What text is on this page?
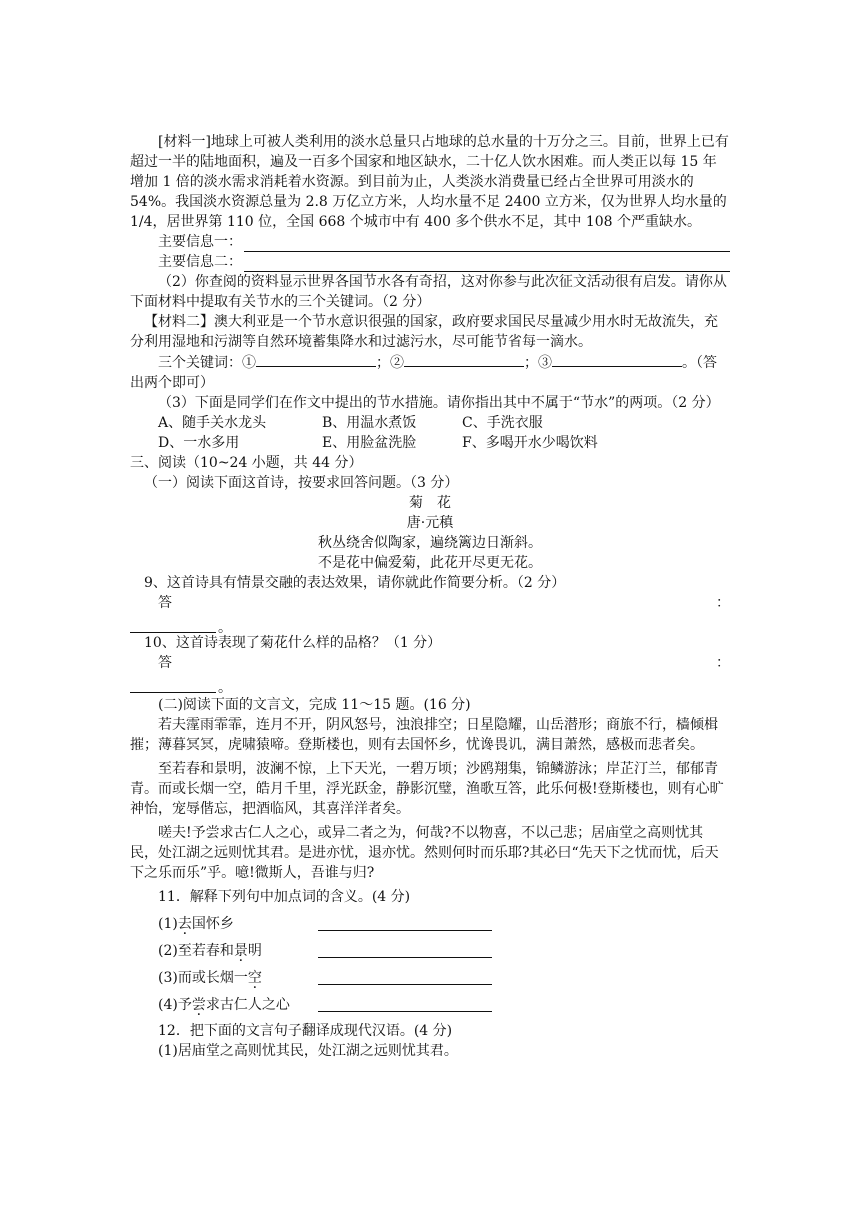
[材料一]地球上可被人类利用的淡水总量只占地球的总水量的十万分之三。目前，世界上已有超过一半的陆地面积，遍及一百多个国家和地区缺水，二十亿人饮水困难。而人类正以每 15 年增加 1 倍的淡水需求消耗着水资源。到目前为止，人类淡水消费量已经占全世界可用淡水的 54%。我国淡水资源总量为 2.8 万亿立方米，人均水量不足 2400 立方米，仅为世界人均水量的 1/4，居世界第 110 位，全国 668 个城市中有 400 多个供水不足，其中 108 个严重缺水。

主要信息一：
主要信息二：

（2）你查阅的资料显示世界各国节水各有奇招，这对你参与此次征文活动很有启发。请你从下面材料中提取有关节水的三个关键词。（2 分）

【材料二】澳大利亚是一个节水意识很强的国家，政府要求国民尽量减少用水时无故流失，充分利用湿地和污湖等自然环境蓄集降水和过滤污水，尽可能节省每一滴水。

三个关键词：①	；②	；③	。（答出两个即可）

（3）下面是同学们在作文中提出的节水措施。请你指出其中不属于“节水”的两项。（2 分）

A、随手关水龙头	B、用温水煮饭	C、手洗衣服
D、一水多用	E、用脸盆洗脸	F、多喝开水少喝饮料

三、阅读（10~24 小题，共 44 分）

（一）阅读下面这首诗，按要求回答问题。（3 分）

菊　花

唐·元稹

秋丛绕舍似陶家，遍绕篱边日渐斜。

不是花中偏爱菊，此花开尽更无花。

9、这首诗具有情景交融的表达效果，请你就此作简要分析。（2 分）

答	：
。

10、这首诗表现了菊花什么样的品格？（1 分）

答	：
。

(二)阅读下面的文言文，完成 11～15 题。(16 分)

若夫霪雨霏霏，连月不开，阴风怒号，浊浪排空；日星隐耀，山岳潜形；商旅不行，樯倾楫摧；薄暮冥冥，虎啸猿啼。登斯楼也，则有去国怀乡，忧谗畏讥，满目萧然，感极而悲者矣。

至若春和景明，波澜不惊，上下天光，一碧万顷；沙鸥翔集，锦鳞游泳；岸芷汀兰，郁郁青青。而或长烟一空，皓月千里，浮光跃金，静影沉璧，渔歌互答，此乐何极!登斯楼也，则有心旷神怡，宠辱偕忘，把酒临风，其喜洋洋者矣。

嗟夫!予尝求古仁人之心，或异二者之为，何哉?不以物喜，不以己悲；居庙堂之高则忧其民，处江湖之远则忧其君。是进亦忧，退亦忧。然则何时而乐耶?其必曰“先天下之忧而忧，后天下之乐而乐”乎。噫!微斯人，吾谁与归?

11．解释下列句中加点词的含义。(4 分)

(1)去国怀乡
(2)至若春和景明
(3)而或长烟一空
(4)予尝求古仁人之心

12．把下面的文言句子翻译成现代汉语。(4 分)

(1)居庙堂之高则忧其民，处江湖之远则忧其君。
